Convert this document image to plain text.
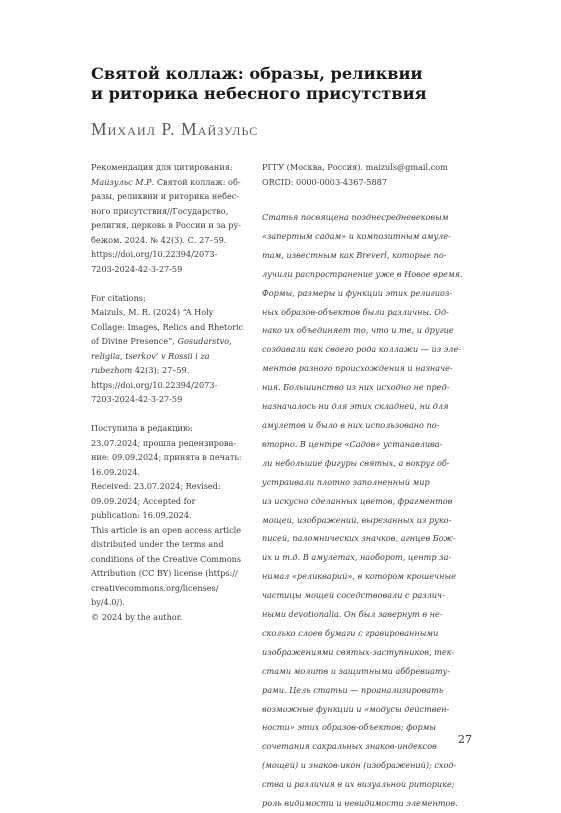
Святой коллаж: образы, реликвии
и риторика небесного присутствия

Михаил Р. Майзульс

Рекомендация для цитирования:
Майзульс М.Р. Святой коллаж: об-
разы, реликвии и риторика небес-
ного присутствия//Государство,
религия, церковь в России и за ру-
бежом. 2024. № 42(3). С. 27–59.
https://doi.org/10.22394/2073-
7203-2024-42-3-27-59
For citations:
Maizuls, M. R. (2024) “A Holy
Collage: Images, Relics and Rhetoric
of Divine Presence”, Gosudarstvo,
religiia, tserkov’ v Rossii i za
rubezhom 42(3): 27–59.
https://doi.org/10.22394/2073-
7203-2024-42-3-27-59
Поступила в редакцию:
23.07.2024; прошла рецензирова-
ние: 09.09.2024; принята в печать:
16.09.2024.
Received: 23.07.2024; Revised:
09.09.2024; Accepted for
publication: 16.09.2024.
This article is an open access article
distributed under the terms and
conditions of the Creative Commons
Attribution (CC BY) license (https://
creativecommons.org/licenses/
by/4.0/).
© 2024 by the author.
РГГУ (Москва, Россия). maizuls@gmail.com
ORCID: 0000-0003-4367-5887
Статья посвящена позднесредневековым
«запертым садам» и композитным амуле-
там, известным как Breverl, которые по-
лучили распространение уже в Новое время.
Формы, размеры и функции этих религиоз-
ных образов-объектов были различны. Од-
нако их объединяет то, что и те, и другие
создавали как своего рода коллажи — из эле-
ментов разного происхождения и назначе-
ния. Большинство из них исходно не пред-
назначалось ни для этих складней, ни для
амулетов и было в них использовано по-
вторно. В центре «Садов» устанавлива-
ли небольшие фигуры святых, а вокруг об-
устраивали плотно заполненный мир
из искусно сделанных цветов, фрагментов
мощей, изображений, вырезанных из руко-
писей, паломнических значков, агнцев Бож-
их и т.д. В амулетах, наоборот, центр за-
нимал «реликварий», в котором крошечные
частицы мощей соседствовали с различ-
ными devotionalia. Он был завернут в не-
сколько слоев бумаги с гравированными
изображениями святых-заступников, тек-
стами молитв и защитными аббревиату-
рами. Цель статьи — проанализировать
возможные функции и «модусы действен-
ности» этих образов-объектов; формы
сочетания сакральных знаков-индексов
(мощей) и знаков-икон (изображений); сход-
ства и различия в их визуальной риторике;
роль видимости и невидимости элементов.
27
